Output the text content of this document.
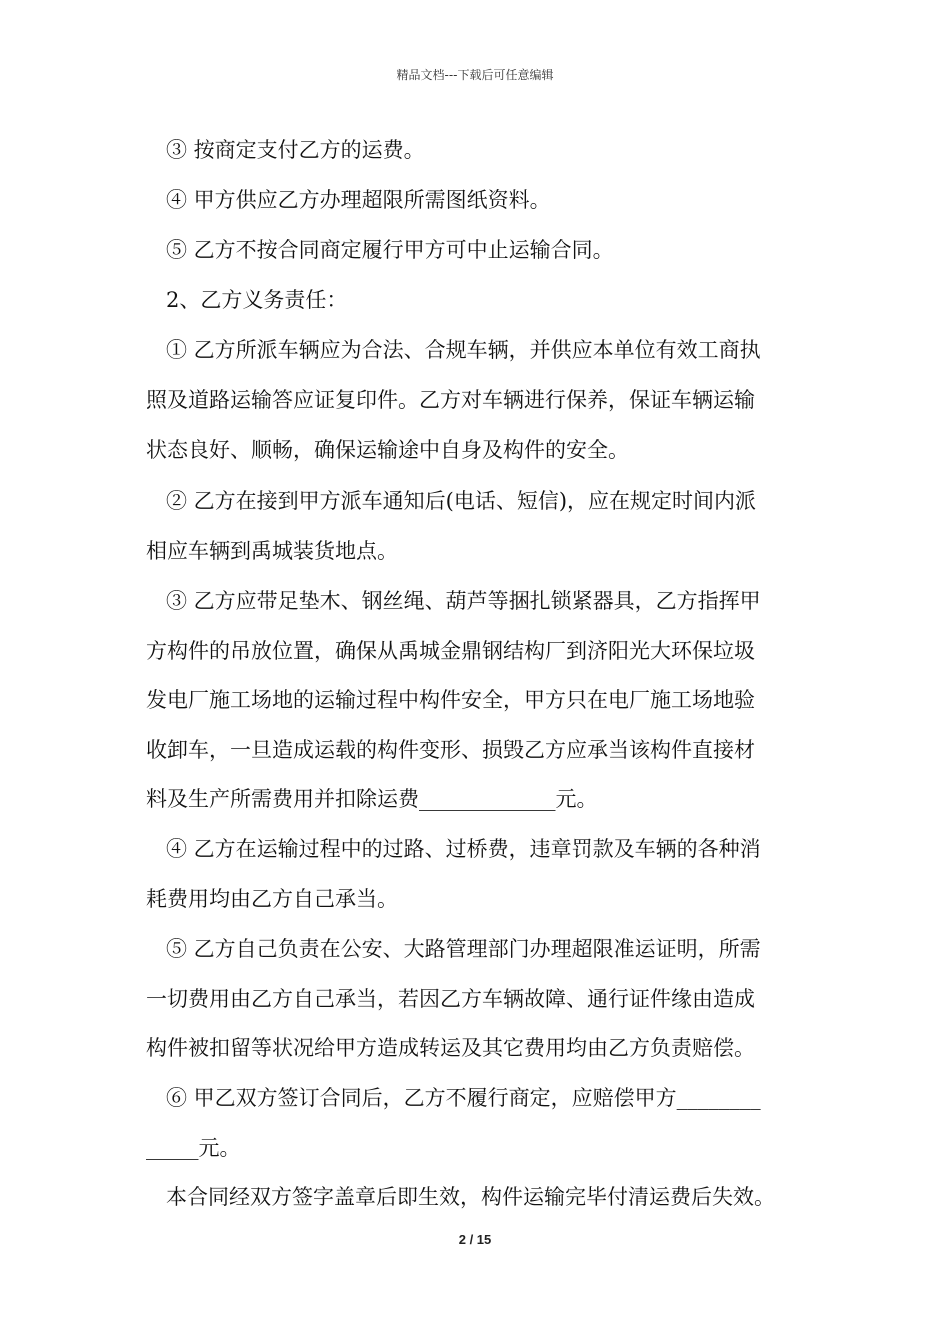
精品文档---下载后可任意编辑
③ 按商定支付乙方的运费。
④ 甲方供应乙方办理超限所需图纸资料。
⑤ 乙方不按合同商定履行甲方可中止运输合同。
2、乙方义务责任：
① 乙方所派车辆应为合法、合规车辆，并供应本单位有效工商执
照及道路运输答应证复印件。乙方对车辆进行保养，保证车辆运输
状态良好、顺畅，确保运输途中自身及构件的安全。
② 乙方在接到甲方派车通知后(电话、短信)，应在规定时间内派
相应车辆到禹城装货地点。
③ 乙方应带足垫木、钢丝绳、葫芦等捆扎锁紧器具，乙方指挥甲
方构件的吊放位置，确保从禹城金鼎钢结构厂到济阳光大环保垃圾
发电厂施工场地的运输过程中构件安全，甲方只在电厂施工场地验
收卸车，一旦造成运载的构件变形、损毁乙方应承当该构件直接材
料及生产所需费用并扣除运费_____________元。
④ 乙方在运输过程中的过路、过桥费，违章罚款及车辆的各种消
耗费用均由乙方自己承当。
⑤ 乙方自己负责在公安、大路管理部门办理超限准运证明，所需
一切费用由乙方自己承当，若因乙方车辆故障、通行证件缘由造成
构件被扣留等状况给甲方造成转运及其它费用均由乙方负责赔偿。
⑥ 甲乙双方签订合同后，乙方不履行商定，应赔偿甲方________
_____元。
本合同经双方签字盖章后即生效，构件运输完毕付清运费后失效。
2 / 15
